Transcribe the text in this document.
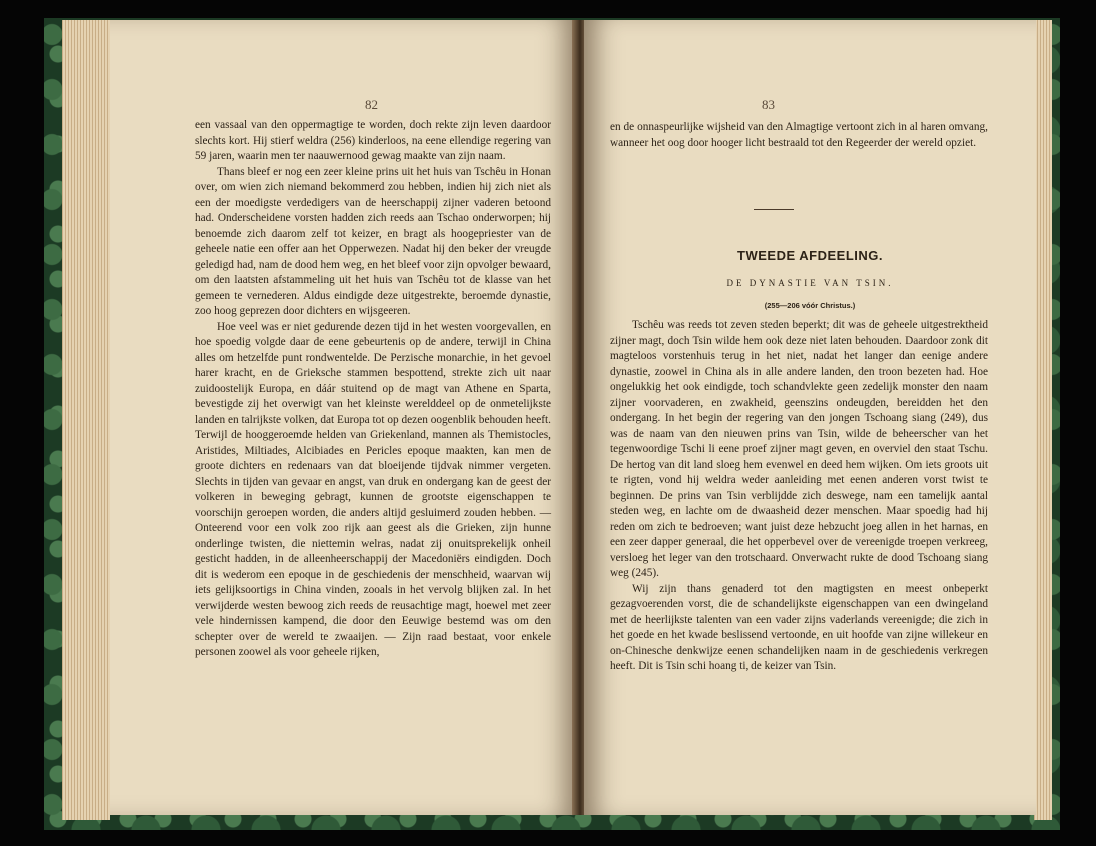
82

een vassaal van den oppermagtige te worden, doch rekte zijn leven daardoor slechts kort. Hij stierf weldra (256) kinderloos, na eene ellendige regering van 59 jaren, waarin men ter naauwernood gewag maakte van zijn naam.

Thans bleef er nog een zeer kleine prins uit het huis van Tschêu in Honan over, om wien zich niemand bekommerd zou hebben, indien hij zich niet als een der moedigste verdedigers van de heerschappij zijner vaderen betoond had. Onderscheidene vorsten hadden zich reeds aan Tschao onderworpen; hij benoemde zich daarom zelf tot keizer, en bragt als hoogepriester van de geheele natie een offer aan het Opperwezen. Nadat hij den beker der vreugde geledigd had, nam de dood hem weg, en het bleef voor zijn opvolger bewaard, om den laatsten afstammeling uit het huis van Tschêu tot de klasse van het gemeen te vernederen. Aldus eindigde deze uitgestrekte, beroemde dynastie, zoo hoog geprezen door dichters en wijsgeeren.

Hoe veel was er niet gedurende dezen tijd in het westen voorgevallen, en hoe spoedig volgde daar de eene gebeurtenis op de andere, terwijl in China alles om hetzelfde punt rondwentelde. De Perzische monarchie, in het gevoel harer kracht, en de Grieksche stammen bespottend, strekte zich uit naar zuidoostelijk Europa, en dáár stuitend op de magt van Athene en Sparta, bevestigde zij het overwigt van het kleinste werelddeel op de onmetelijkste landen en talrijkste volken, dat Europa tot op dezen oogenblik behouden heeft. Terwijl de hooggeroemde helden van Griekenland, mannen als Themistocles, Aristides, Miltiades, Alcibiades en Pericles epoque maakten, kan men de groote dichters en redenaars van dat bloeijende tijdvak nimmer vergeten. Slechts in tijden van gevaar en angst, van druk en ondergang kan de geest der volkeren in beweging gebragt, kunnen de grootste eigenschappen te voorschijn geroepen worden, die anders altijd gesluimerd zouden hebben. — Onteerend voor een volk zoo rijk aan geest als die Grieken, zijn hunne onderlinge twisten, die niettemin welras, nadat zij onuitsprekelijk onheil gesticht hadden, in de alleenheerschappij der Macedoniërs eindigden. Doch dit is wederom een epoque in de geschiedenis der menschheid, waarvan wij iets gelijksoortigs in China vinden, zooals in het vervolg blijken zal. In het verwijderde westen bewoog zich reeds de reusachtige magt, hoewel met zeer vele hindernissen kampend, die door den Eeuwige bestemd was om den schepter over de wereld te zwaaijen. — Zijn raad bestaat, voor enkele personen zoowel als voor geheele rijken,

83

en de onnaspeurlijke wijsheid van den Almagtige vertoont zich in al haren omvang, wanneer het oog door hooger licht bestraald tot den Regeerder der wereld opziet.

TWEEDE AFDEELING.
DE DYNASTIE VAN TSIN.
(255—206 vóór Christus.)

Tschêu was reeds tot zeven steden beperkt; dit was de geheele uitgestrektheid zijner magt, doch Tsin wilde hem ook deze niet laten behouden. Daardoor zonk dit magteloos vorstenhuis terug in het niet, nadat het langer dan eenige andere dynastie, zoowel in China als in alle andere landen, den troon bezeten had. Hoe ongelukkig het ook eindigde, toch schandvlekte geen zedelijk monster den naam zijner voorvaderen, en zwakheid, geenszins ondeugden, bereidden het den ondergang. In het begin der regering van den jongen Tschoang siang (249), dus was de naam van den nieuwen prins van Tsin, wilde de beheerscher van het tegenwoordige Tschi li eene proef zijner magt geven, en overviel den staat Tschu. De hertog van dit land sloeg hem evenwel en deed hem wijken. Om iets groots uit te rigten, vond hij weldra weder aanleiding met eenen anderen vorst twist te beginnen. De prins van Tsin verblijdde zich deswege, nam een tamelijk aantal steden weg, en lachte om de dwaasheid dezer menschen. Maar spoedig had hij reden om zich te bedroeven; want juist deze hebzucht joeg allen in het harnas, en een zeer dapper generaal, die het opperbevel over de vereenigde troepen verkreeg, versloeg het leger van den trotschaard. Onverwacht rukte de dood Tschoang siang weg (245).

Wij zijn thans genaderd tot den magtigsten en meest onbeperkt gezagvoerenden vorst, die de schandelijkste eigenschappen van een dwingeland met de heerlijkste talenten van een vader zijns vaderlands vereenigde; die zich in het goede en het kwade beslissend vertoonde, en uit hoofde van zijne willekeur en on-Chinesche denkwijze eenen schandelijken naam in de geschiedenis verkregen heeft. Dit is Tsin schi hoang ti, de keizer van Tsin.
